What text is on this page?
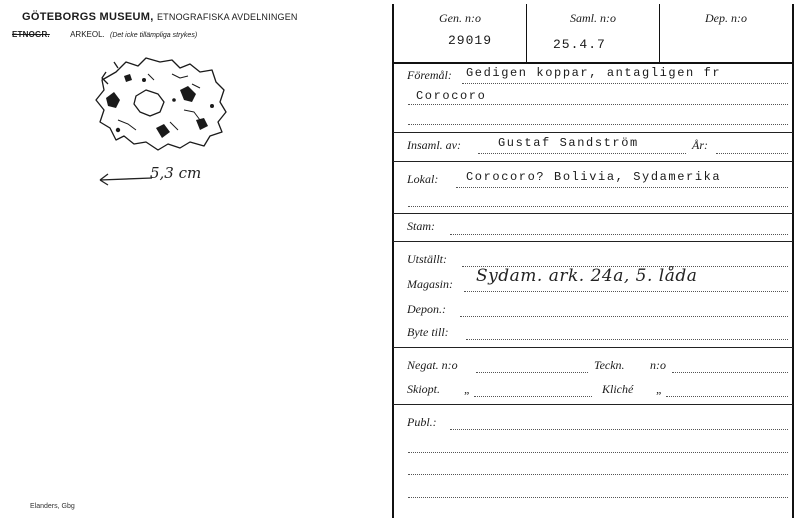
GÖTEBORGS MUSEUM, ETNOGRAFISKA AVDELNINGEN
ETNOGR.	ARKEOL. (Det icke tillämpliga strykes)
5,3 cm
Elanders, Gbg
Gen. n:o
29019
Saml. n:o
25.4.7
Dep. n:o
Föremål: Gedigen koppar, antagligen fr
Corocoro
Insaml. av:	Gustaf Sandström	År:
Lokal: Corocoro? Bolivia, Sydamerika
Stam:
Utställt:
Magasin: Sydam. ark. 24a, 5. låda
Depon.:
Byte till:
Negat. n:o	Teckn. n:o
Skiopt. „	Kliché „
Publ.:
